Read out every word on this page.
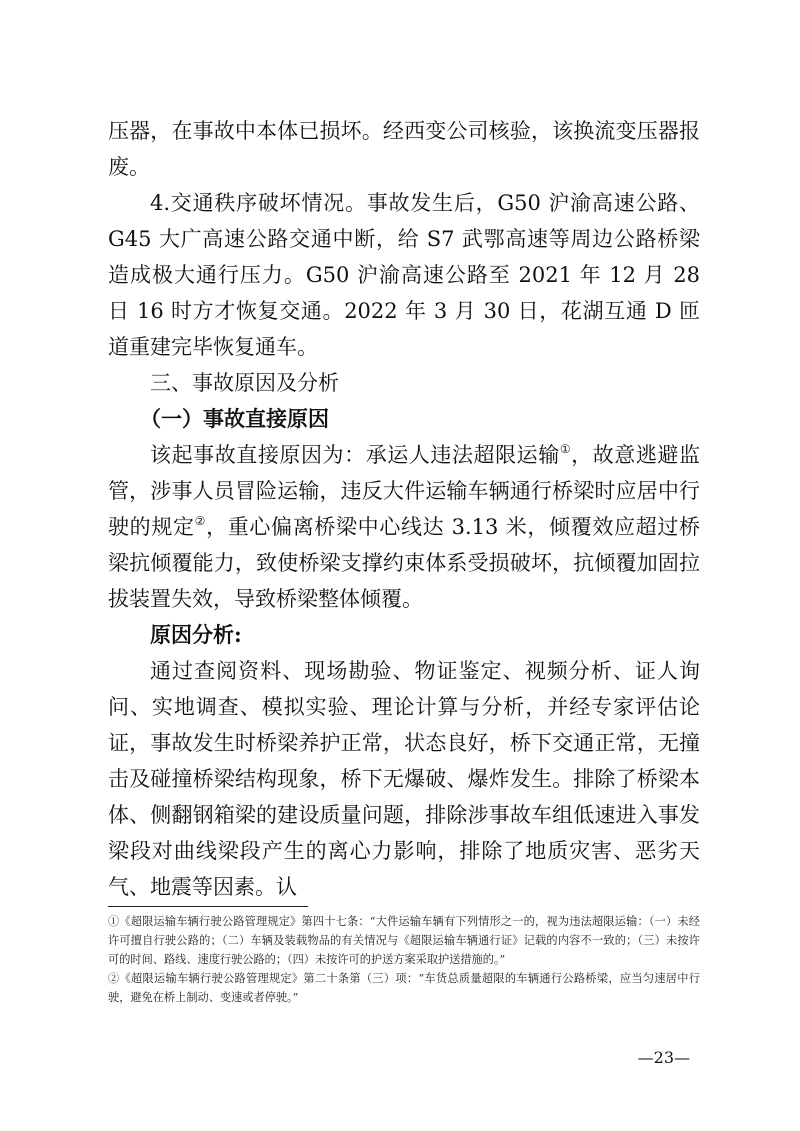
压器，在事故中本体已损坏。经西变公司核验，该换流变压器报废。

4.交通秩序破坏情况。事故发生后，G50 沪渝高速公路、G45 大广高速公路交通中断，给 S7 武鄂高速等周边公路桥梁造成极大通行压力。G50 沪渝高速公路至 2021 年 12 月 28 日 16 时方才恢复交通。2022 年 3 月 30 日，花湖互通 D 匝道重建完毕恢复通车。

三、事故原因及分析

（一）事故直接原因

该起事故直接原因为：承运人违法超限运输①，故意逃避监管，涉事人员冒险运输，违反大件运输车辆通行桥梁时应居中行驶的规定②，重心偏离桥梁中心线达 3.13 米，倾覆效应超过桥梁抗倾覆能力，致使桥梁支撑约束体系受损破坏，抗倾覆加固拉拔装置失效，导致桥梁整体倾覆。

原因分析:

通过查阅资料、现场勘验、物证鉴定、视频分析、证人询问、实地调查、模拟实验、理论计算与分析，并经专家评估论证，事故发生时桥梁养护正常，状态良好，桥下交通正常，无撞击及碰撞桥梁结构现象，桥下无爆破、爆炸发生。排除了桥梁本体、侧翻钢箱梁的建设质量问题，排除涉事故车组低速进入事发梁段对曲线梁段产生的离心力影响，排除了地质灾害、恶劣天气、地震等因素。认

①《超限运输车辆行驶公路管理规定》第四十七条：“大件运输车辆有下列情形之一的，视为违法超限运输：（一）未经许可擅自行驶公路的；（二）车辆及装载物品的有关情况与《超限运输车辆通行证》记载的内容不一致的；（三）未按许可的时间、路线、速度行驶公路的；（四）未按许可的护送方案采取护送措施的。”

②《超限运输车辆行驶公路管理规定》第二十条第（三）项：“车货总质量超限的车辆通行公路桥梁，应当匀速居中行驶，避免在桥上制动、变速或者停驶。”

—23—
